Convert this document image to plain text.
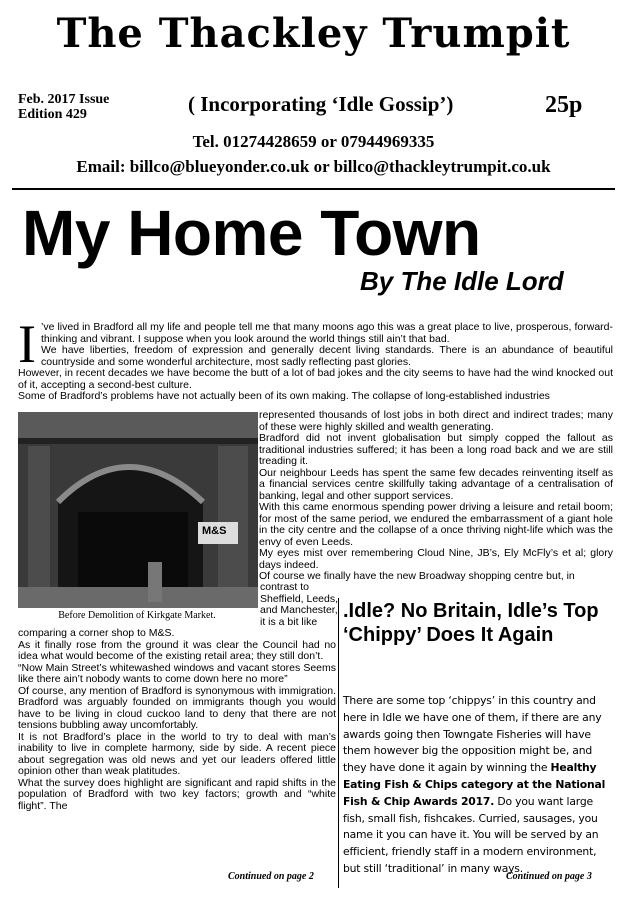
The Thackley Trumpit
Feb. 2017 Issue
Edition 429	( Incorporating ‘Idle Gossip’)	25p
Tel. 01274428659 or 07944969335
Email: billco@blueyonder.co.uk or billco@thackleytrumpit.co.uk
My Home Town
By The Idle Lord
I ’ve lived in Bradford all my life and people tell me that many moons ago this was a great place to live, prosperous, forward-thinking and vibrant. I suppose when you look around the world things still ain’t that bad.

We have liberties, freedom of expression and generally decent living standards. There is an abundance of beautiful countryside and some wonderful architecture, most sadly reflecting past glories.

However, in recent decades we have become the butt of a lot of bad jokes and the city seems to have had the wind knocked out of it, accepting a second-best culture.

Some of Bradford’s problems have not actually been of its own making. The collapse of long-established industries

M&S
Before Demolition of Kirkgate Market.

represented thousands of lost jobs in both direct and indirect trades; many of these were highly skilled and wealth generating.

Bradford did not invent globalisation but simply copped the fallout as traditional industries suffered; it has been a long road back and we are still treading it.

Our neighbour Leeds has spent the same few decades reinventing itself as a financial services centre skillfully taking advantage of a centralisation of banking, legal and other support services.

With this came enormous spending power driving a leisure and retail boom; for most of the same period, we endured the embarrassment of a giant hole in the city centre and the collapse of a once thriving night-life which was the envy of even Leeds.

My eyes mist over remembering Cloud Nine, JB’s, Ely McFly’s et al; glory days indeed.

Of course we finally have the new Broadway shopping centre but, in

contrast to Sheffield, Leeds, and Manchester, it is a bit like

comparing a corner shop to M&S.

As it finally rose from the ground it was clear the Council had no idea what would become of the existing retail area; they still don’t.

“Now Main Street’s whitewashed windows and vacant stores Seems like there ain’t nobody wants to come down here no more”

Of course, any mention of Bradford is synonymous with immigration. Bradford was arguably founded on immigrants though you would have to be living in cloud cuckoo land to deny that there are not tensions bubbling away uncomfortably.

It is not Bradford’s place in the world to try to deal with man’s inability to live in complete harmony, side by side. A recent piece about segregation was old news and yet our leaders offered little opinion other than weak platitudes.

What the survey does highlight are significant and rapid shifts in the population of Bradford with two key factors; growth and “white flight”. The

Continued on page 2
.Idle? No Britain, Idle’s Top ‘Chippy’ Does It Again
There are some top ‘chippys’ in this country and here in Idle we have one of them, if there are any awards going then Towngate Fisheries will have them however big the opposition might be, and they have done it again by winning the Healthy Eating Fish & Chips category at the National Fish & Chip Awards 2017. Do you want large fish, small fish, fishcakes. Curried, sausages, you name it you can have it. You will be served by an efficient, friendly staff in a modern environment, but still ‘traditional’ in many ways.
Continued on page 3
